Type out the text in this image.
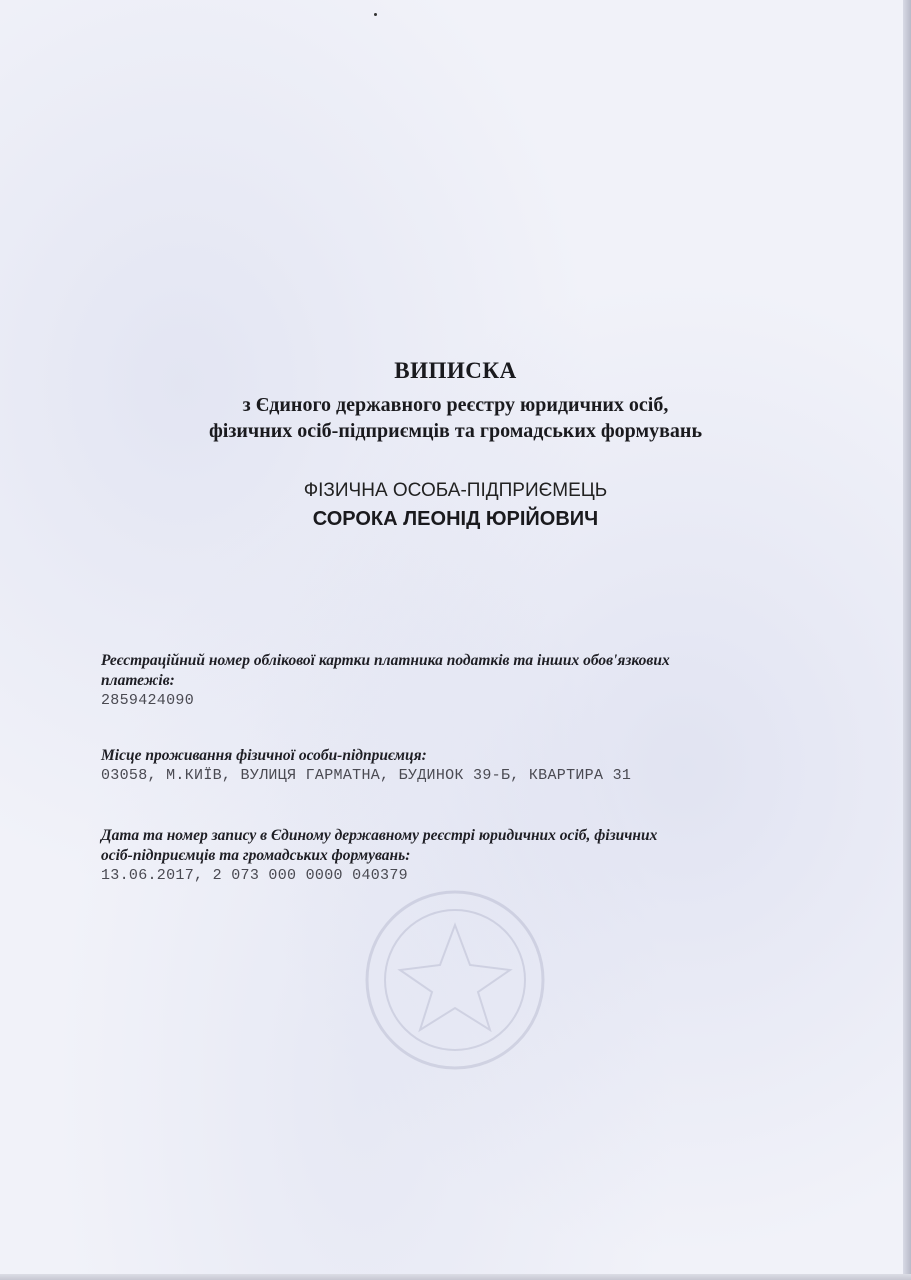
ВИПИСКА
з Єдиного державного реєстру юридичних осіб,
фізичних осіб-підприємців та громадських формувань
ФІЗИЧНА ОСОБА-ПІДПРИЄМЕЦЬ
СОРОКА ЛЕОНІД ЮРІЙОВИЧ
Реєстраційний номер облікової картки платника податків та інших обов'язкових
платежів:
2859424090
Місце проживання фізичної особи-підприємця:
03058, М.КИЇВ, ВУЛИЦЯ ГАРМАТНА, БУДИНОК 39-Б, КВАРТИРА 31
Дата та номер запису в Єдиному державному реєстрі юридичних осіб, фізичних
осіб-підприємців та громадських формувань:
13.06.2017, 2 073 000 0000 040379
